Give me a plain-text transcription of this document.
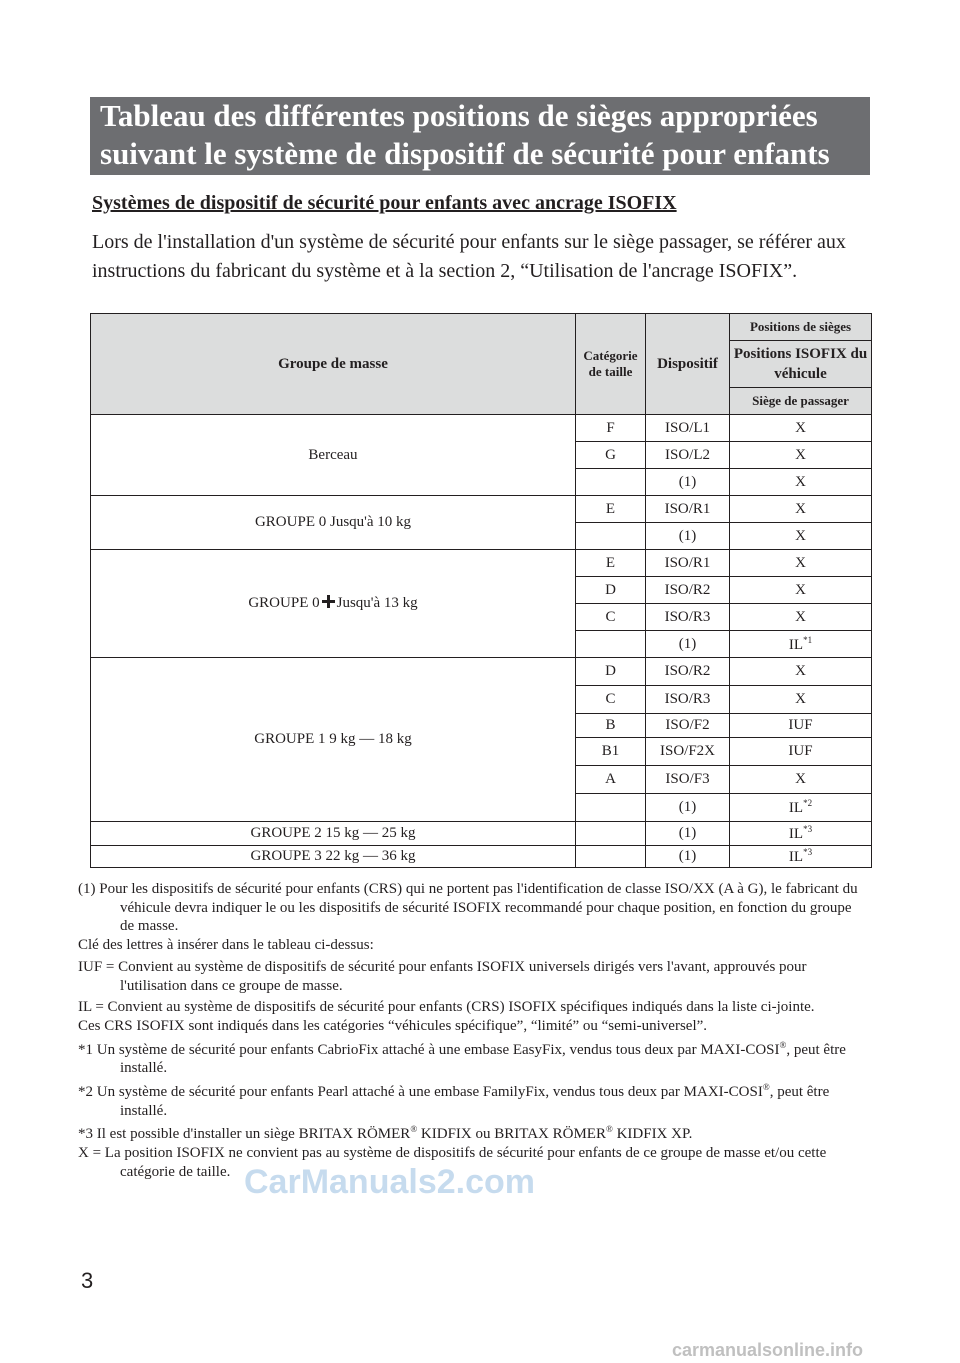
Tableau des différentes positions de sièges appropriées
suivant le système de dispositif de sécurité pour enfants
Systèmes de dispositif de sécurité pour enfants avec ancrage ISOFIX
Lors de l'installation d'un système de sécurité pour enfants sur le siège passager, se référer aux instructions du fabricant du système et à la section 2, “Utilisation de l'ancrage ISOFIX”.
Groupe de masse	Catégorie de taille	Dispositif	Positions de sièges
			Positions ISOFIX du véhicule
			Siège de passager
Berceau	F	ISO/L1	X
	G	ISO/L2	X
		(1)	X
GROUPE 0 Jusqu'à 10 kg	E	ISO/R1	X
		(1)	X
GROUPE 0 Jusqu'à 13 kg	E	ISO/R1	X
	D	ISO/R2	X
	C	ISO/R3	X
		(1)	IL$^{*1}$
GROUPE 1 9 kg — 18 kg	D	ISO/R2	X
	C	ISO/R3	X
	B	ISO/F2	IUF
	B1	ISO/F2X	IUF
	A	ISO/F3	X
		(1)	IL$^{*2}$
GROUPE 2 15 kg — 25 kg		(1)	IL$^{*3}$
GROUPE 3 22 kg — 36 kg		(1)	IL$^{*3}$
(1) Pour les dispositifs de sécurité pour enfants (CRS) qui ne portent pas l'identification de classe ISO/XX (A à G), le fabricant du véhicule devra indiquer le ou les dispositifs de sécurité ISOFIX recommandé pour chaque position, en fonction du groupe de masse.
Clé des lettres à insérer dans le tableau ci-dessus:
IUF = Convient au système de dispositifs de sécurité pour enfants ISOFIX universels dirigés vers l'avant, approuvés pour l'utilisation dans ce groupe de masse.
IL = Convient au système de dispositifs de sécurité pour enfants (CRS) ISOFIX spécifiques indiqués dans la liste ci-jointe.
Ces CRS ISOFIX sont indiqués dans les catégories “véhicules spécifique”, “limité” ou “semi-universel”.
*1 Un système de sécurité pour enfants CabrioFix attaché à une embase EasyFix, vendus tous deux par MAXI-COSI®, peut être installé.
*2 Un système de sécurité pour enfants Pearl attaché à une embase FamilyFix, vendus tous deux par MAXI-COSI®, peut être installé.
*3 Il est possible d'installer un siège BRITAX RÖMER® KIDFIX ou BRITAX RÖMER® KIDFIX XP.
X = La position ISOFIX ne convient pas au système de dispositifs de sécurité pour enfants de ce groupe de masse et/ou cette catégorie de taille. CarManuals2.com
3
carmanualsonline.info
